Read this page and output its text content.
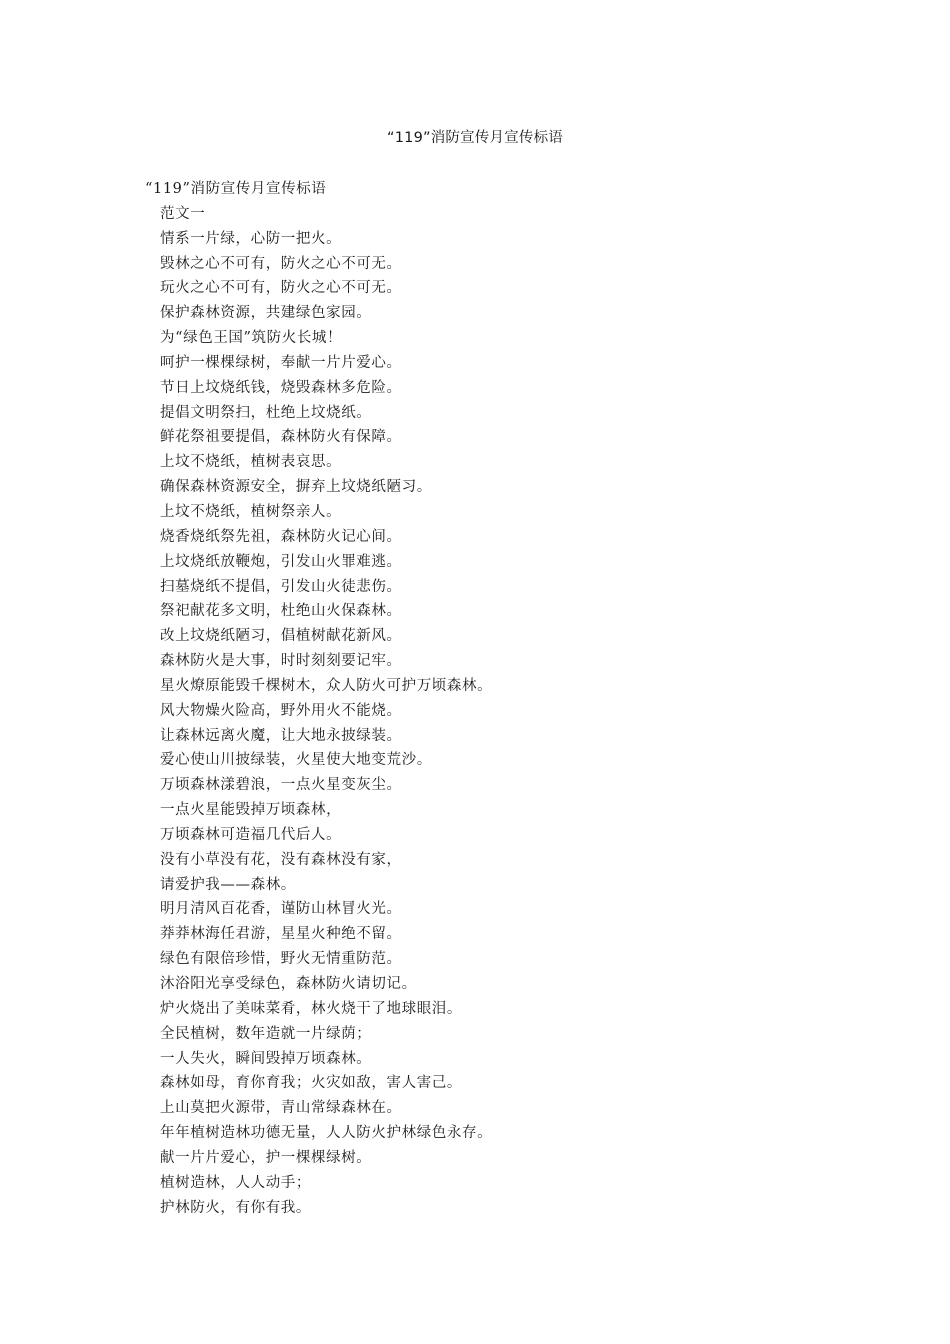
“119”消防宣传月宣传标语

“119”消防宣传月宣传标语

范文一

情系一片绿，心防一把火。

毁林之心不可有，防火之心不可无。

玩火之心不可有，防火之心不可无。

保护森林资源，共建绿色家园。

为“绿色王国”筑防火长城！

呵护一棵棵绿树，奉献一片片爱心。

节日上坟烧纸钱，烧毁森林多危险。

提倡文明祭扫，杜绝上坟烧纸。

鲜花祭祖要提倡，森林防火有保障。

上坟不烧纸，植树表哀思。

确保森林资源安全，摒弃上坟烧纸陋习。

上坟不烧纸，植树祭亲人。

烧香烧纸祭先祖，森林防火记心间。

上坟烧纸放鞭炮，引发山火罪难逃。

扫墓烧纸不提倡，引发山火徒悲伤。

祭祀献花多文明，杜绝山火保森林。

改上坟烧纸陋习，倡植树献花新风。

森林防火是大事，时时刻刻要记牢。

星火燎原能毁千棵树木，众人防火可护万顷森林。

风大物燥火险高，野外用火不能烧。

让森林远离火魔，让大地永披绿装。

爱心使山川披绿装，火星使大地变荒沙。

万顷森林漾碧浪，一点火星变灰尘。

一点火星能毁掉万顷森林，

万顷森林可造福几代后人。

没有小草没有花，没有森林没有家，

请爱护我——森林。

明月清风百花香，谨防山林冒火光。

莽莽林海任君游，星星火种绝不留。

绿色有限倍珍惜，野火无情重防范。

沐浴阳光享受绿色，森林防火请切记。

炉火烧出了美味菜肴，林火烧干了地球眼泪。

全民植树，数年造就一片绿荫；

一人失火，瞬间毁掉万顷森林。

森林如母，育你育我；火灾如敌，害人害己。

上山莫把火源带，青山常绿森林在。

年年植树造林功德无量，人人防火护林绿色永存。

献一片片爱心，护一棵棵绿树。

植树造林，人人动手；

护林防火，有你有我。
